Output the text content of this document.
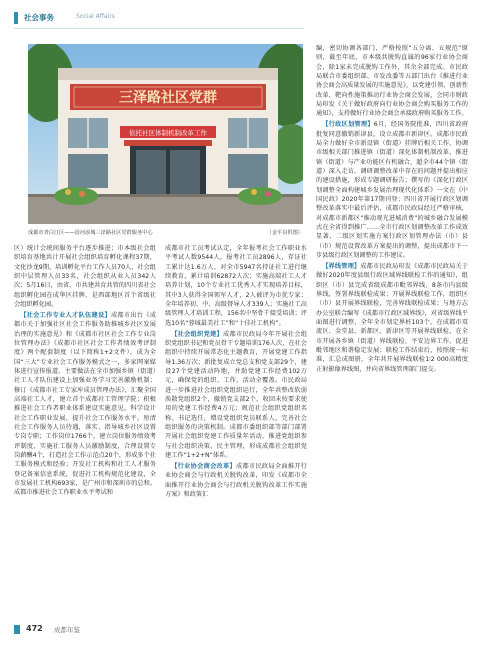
社会事务	Social Affairs
三泽路社区党群
依托社区体制机制改革工作
成都市青白江区——沿河添城三泽路社区党群服务中心	（金平县供图）

区）统计会统间服务平台逐步推进；市本级社会组织培育基地共计开展社会组织培育孵化课程37期，文化沙龙9期，培训孵化平台工作人员70人，社会组织中层管理人员33名，社会组织从业人员342人次；5月16日，由省、市共建共育共管的四川省社会组织孵化园在成华区挂牌，是西部地区首个省级社会组织孵化园。

【社会工作专业人才队伍建设】成都市出台《成都市关于加强社区社会工作服务助推城乡社区发展治理的实施意见》和《成都市社区社会工作专业岗位管理办法》《成都市社区社会工作者绩效考评制度》两个配套制度（以下简称1+2文件），成为全国“三大”专业社会工作服务模式之一，多家网案媒体进行宣传报道。主要做法在全市加强乡镇（街道）社工人才队伍建设上加强业务学习完善激励机制；修订《成都市社工专家库成员管理办法》，汇聚全国高端社工人才，建立首个成都社工管理学院；积极推进社会工作者职业体系建设实施意见，科学设计社会工作职业发展，提升社会工作服务水平。厘清社会工作服务人员待遇，落实、指导城乡社区设置专岗专职；工作岗位1766个，建立岗位服务绩效考评制度，实施社工服务人员激励制度，合理设置专岗薪酬4个，打造社会工作示范点20个，形成多个社工服务模式和经验；开发社工机构和社工人才服务登记备案信息系统，促进社工机构规范化建设，全市发展社工机构693家，是广州市和深圳市的总和。成都市推进社会工作职业水平考试和

成都市社工员考试认定，全年报考社会工作职业水平考试人数9544人，报考社工员2896人，存证社工累计达1.6万人，对全市5947名持证社工进行继续教育，累计培训62872人次；实施高端社工人才培养计划，10个专业社工优秀人才实现培养目标，其中3人获得全国领军人才，2人被评为市优专家；全年培养初、中、高级督导人才339人；实施社工高级管理人才培训工程，156名中坚骨干接受培训；评选10名“蓉城最美社工”和“十佳社工机构”。

【社会组织党建】成都市民政局今年开展社会组织党组织书记和党员骨干专题培训176人次，在社会组织中持续开展常态化主题教育，开展党建工作指导1.36万次；新批复成立党总支和党支部29个，建设27个党建活动阵地，并助党建工作经费102万元，确保党的组织、工作、活动全覆盖。市民政局进一步推进社会组织党组织运行，全年共整改软弱涣散党组织2个，撤销党支部2个，收回未按要求使用的党建工作经费4万元；规范社会组织党组织名称、书记选任，增设党组织党员联系人，完善社会组织服务的决策机制。成都市委组织部等部门部署开展社会组织党建工作质量年活动，推进党组织参与社会组织决策、民主管理，形成成都社会组织党建工作“1+2+N”体系。

【行业协会商会改革】成都市民政局全面推开行业协会商会与行政机关脱钩改革，印发《成都市全面推开行业协会商会与行政机关脱钩改革工作实施方案》和政策汇

编，密切协调各部门，严格按照“五分离、五规范”原则，截至年底，市本级共脱钩直属的96家行业协会商会，除1家未完成脱钩工作外，其余全部完成。市民政局联合市委组织部、市发改委等五部门出台《推进行业协会商会高质量发展的实施意见》，以党建引领、创新性改革、靶向性施策推动行业协会商会发展，会同市财政局印发《关于做好政府向行业协会商会购买服务工作的通知》，支持做好行业协会商会承接政府购买服务工作。

【行政区划管理】6月，经国务院批准，四川省政府批复同意撤销新津县，设立成都市新津区。成都市民政局全力做好全市新设镇（街道）挂牌后相关工作，协调市级相关部门推进镇（街道）深化体制机制改革，推进镇（街道）与产业功能区有机融合，超全市44个镇（街道）深入走访，调研调整改革中存在的问题并提出相应的建设措施，形成专题调研报告；撰写的《深化行政区划调整全面构建城乡发展治理现代化体系》一文在《中国民政》2020年第17期刊登；四川省开展行政区划调整改革落实中最后评估，成都市民政局经过严格审核，对成都市新都区“推动观光进城消费”的城乡融合发展模式在全省得到推广……全市行政区划调整改革工作成效显著，二级区划实施方案行政区划管理办法（市）县（市）规范设置改革方案提出的调整，提出成都市下一步县级行政区划调整的工作建议。

【界线管理】成都市民政局印发《成都市民政局关于做好2020年度县级行政区域界线联检工作的通知》，组织区（市）县完成省级成都市毗邻界线、8条市内县级界线，签署界线联检成果；开展界线联检工作，组织区（市）县开展界线联检，完善界线联检成果；与地方志办公室联合编写《成都市行政区域界线》，对省级界线平面图进行调整，全年全市划定界桩103个，在成都市双流区、金堂县、新都区、新津区等开展界线联检，在全市开展各乡镇（街道）界线联检、平安边界工作，促进毗邻地区和谐稳定发展；联检工作结束后，按照统一标准，汇总成图册，全年共开展界线联检1∶2 000高精度正射影像界线图，并向省界线管理部门提交。

472 成都年鉴
